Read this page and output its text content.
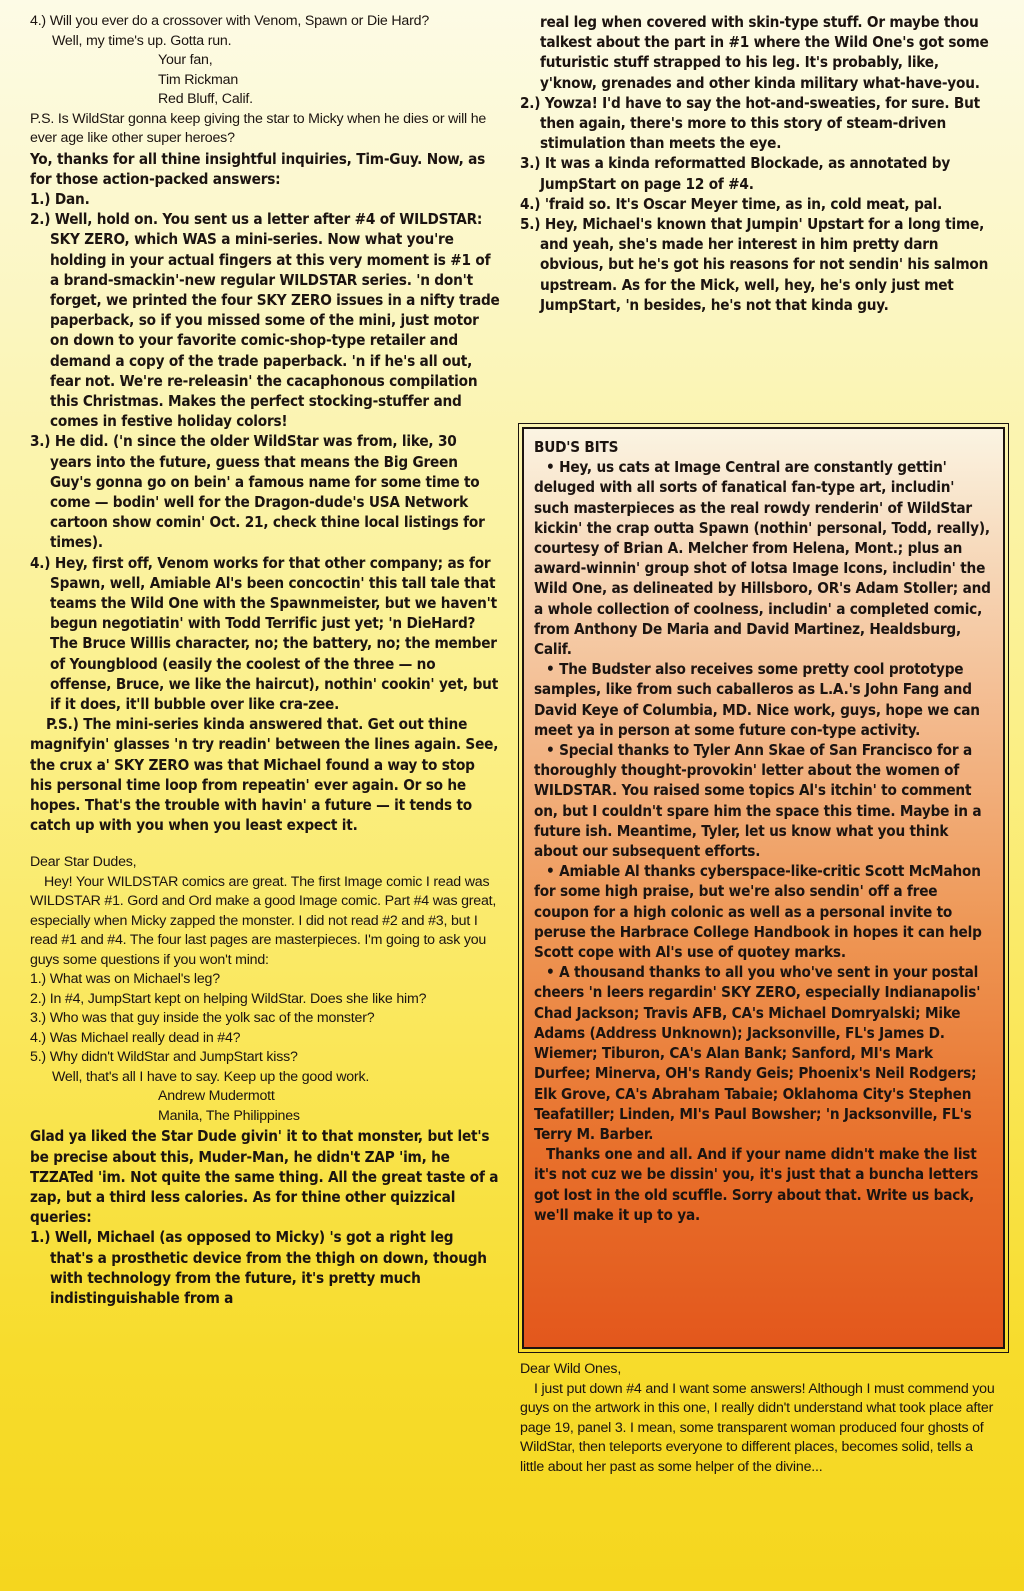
4.) Will you ever do a crossover with Venom, Spawn or Die Hard?

Well, my time's up. Gotta run.

Your fan,

Tim Rickman

Red Bluff, Calif.

P.S. Is WildStar gonna keep giving the star to Micky when he dies or will he ever age like other super heroes?

Yo, thanks for all thine insightful inquiries, Tim-Guy. Now, as for those action-packed answers:

1.) Dan.

2.) Well, hold on. You sent us a letter after #4 of WILDSTAR: SKY ZERO, which WAS a mini-series. Now what you're holding in your actual fingers at this very moment is #1 of a brand-smackin'-new regular WILDSTAR series. 'n don't forget, we printed the four SKY ZERO issues in a nifty trade paperback, so if you missed some of the mini, just motor on down to your favorite comic-shop-type retailer and demand a copy of the trade paperback. 'n if he's all out, fear not. We're re-releasin' the cacaphonous compilation this Christmas. Makes the perfect stocking-stuffer and comes in festive holiday colors!

3.) He did. ('n since the older WildStar was from, like, 30 years into the future, guess that means the Big Green Guy's gonna go on bein' a famous name for some time to come — bodin' well for the Dragon-dude's USA Network cartoon show comin' Oct. 21, check thine local listings for times).

4.) Hey, first off, Venom works for that other company; as for Spawn, well, Amiable Al's been concoctin' this tall tale that teams the Wild One with the Spawnmeister, but we haven't begun negotiatin' with Todd Terrific just yet; 'n DieHard? The Bruce Willis character, no; the battery, no; the member of Youngblood (easily the coolest of the three — no offense, Bruce, we like the haircut), nothin' cookin' yet, but if it does, it'll bubble over like cra-zee.

P.S.) The mini-series kinda answered that. Get out thine magnifyin' glasses 'n try readin' between the lines again. See, the crux a' SKY ZERO was that Michael found a way to stop his personal time loop from repeatin' ever again. Or so he hopes. That's the trouble with havin' a future — it tends to catch up with you when you least expect it.

Dear Star Dudes,

Hey! Your WILDSTAR comics are great. The first Image comic I read was WILDSTAR #1. Gord and Ord make a good Image comic. Part #4 was great, especially when Micky zapped the monster. I did not read #2 and #3, but I read #1 and #4. The four last pages are masterpieces. I'm going to ask you guys some questions if you won't mind:

1.) What was on Michael's leg?

2.) In #4, JumpStart kept on helping WildStar. Does she like him?

3.) Who was that guy inside the yolk sac of the monster?

4.) Was Michael really dead in #4?

5.) Why didn't WildStar and JumpStart kiss?

Well, that's all I have to say. Keep up the good work.

Andrew Mudermott

Manila, The Philippines

Glad ya liked the Star Dude givin' it to that monster, but let's be precise about this, Muder-Man, he didn't ZAP 'im, he TZZATed 'im. Not quite the same thing. All the great taste of a zap, but a third less calories. As for thine other quizzical queries:

1.) Well, Michael (as opposed to Micky) 's got a right leg that's a prosthetic device from the thigh on down, though with technology from the future, it's pretty much indistinguishable from a

real leg when covered with skin-type stuff. Or maybe thou talkest about the part in #1 where the Wild One's got some futuristic stuff strapped to his leg. It's probably, like, y'know, grenades and other kinda military what-have-you.

2.) Yowza! I'd have to say the hot-and-sweaties, for sure. But then again, there's more to this story of steam-driven stimulation than meets the eye.

3.) It was a kinda reformatted Blockade, as annotated by JumpStart on page 12 of #4.

4.) 'fraid so. It's Oscar Meyer time, as in, cold meat, pal.

5.) Hey, Michael's known that Jumpin' Upstart for a long time, and yeah, she's made her interest in him pretty darn obvious, but he's got his reasons for not sendin' his salmon upstream. As for the Mick, well, hey, he's only just met JumpStart, 'n besides, he's not that kinda guy.

BUD'S BITS

• Hey, us cats at Image Central are constantly gettin' deluged with all sorts of fanatical fan-type art, includin' such masterpieces as the real rowdy renderin' of WildStar kickin' the crap outta Spawn (nothin' personal, Todd, really), courtesy of Brian A. Melcher from Helena, Mont.; plus an award-winnin' group shot of lotsa Image Icons, includin' the Wild One, as delineated by Hillsboro, OR's Adam Stoller; and a whole collection of coolness, includin' a completed comic, from Anthony De Maria and David Martinez, Healdsburg, Calif.

• The Budster also receives some pretty cool prototype samples, like from such caballeros as L.A.'s John Fang and David Keye of Columbia, MD. Nice work, guys, hope we can meet ya in person at some future con-type activity.

• Special thanks to Tyler Ann Skae of San Francisco for a thoroughly thought-provokin' letter about the women of WILDSTAR. You raised some topics Al's itchin' to comment on, but I couldn't spare him the space this time. Maybe in a future ish. Meantime, Tyler, let us know what you think about our subsequent efforts.

• Amiable Al thanks cyberspace-like-critic Scott McMahon for some high praise, but we're also sendin' off a free coupon for a high colonic as well as a personal invite to peruse the Harbrace College Handbook in hopes it can help Scott cope with Al's use of quotey marks.

• A thousand thanks to all you who've sent in your postal cheers 'n leers regardin' SKY ZERO, especially Indianapolis' Chad Jackson; Travis AFB, CA's Michael Domryalski; Mike Adams (Address Unknown); Jacksonville, FL's James D. Wiemer; Tiburon, CA's Alan Bank; Sanford, MI's Mark Durfee; Minerva, OH's Randy Geis; Phoenix's Neil Rodgers; Elk Grove, CA's Abraham Tabaie; Oklahoma City's Stephen Teafatiller; Linden, MI's Paul Bowsher; 'n Jacksonville, FL's Terry M. Barber.

Thanks one and all. And if your name didn't make the list it's not cuz we be dissin' you, it's just that a buncha letters got lost in the old scuffle. Sorry about that. Write us back, we'll make it up to ya.

Dear Wild Ones,

I just put down #4 and I want some answers! Although I must commend you guys on the artwork in this one, I really didn't understand what took place after page 19, panel 3. I mean, some transparent woman produced four ghosts of WildStar, then teleports everyone to different places, becomes solid, tells a little about her past as some helper of the divine...
